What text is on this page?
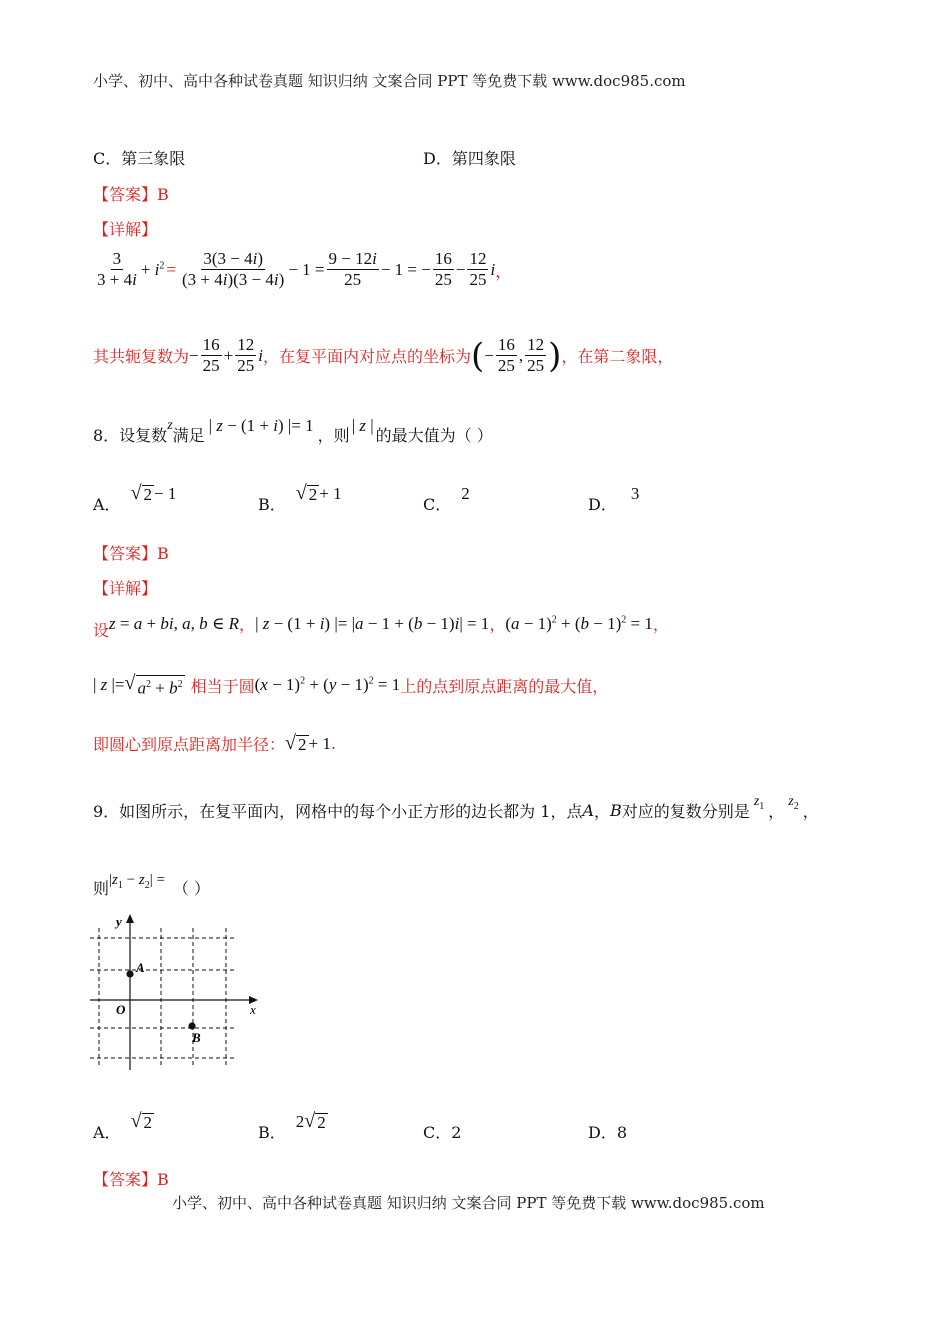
小学、初中、高中各种试卷真题 知识归纳 文案合同 PPT 等免费下载 www.doc985.com
C．第三象限	D．第四象限
【答案】B
【详解】
$\frac{3}{3 + 4i} + i^2 = \frac{3(3 - 4i)}{(3 + 4i)(3 - 4i)} - 1 = \frac{9 - 12i}{25} - 1$ = − $\frac{16}{25} - \frac{12}{25}$ i ，
其共轭复数为 − $\frac{16}{25} + \frac{12}{25}$ i ，在复平面内对应点的坐标为 ( − $\frac{16}{25}$ , $\frac{12}{25}$ ) ，在第二象限，
8．设复数
z
满足
| z − (1 + i) |= 1
，则
| z |
的最大值为（ ）
A．
√ 2 − 1
B．
√ 2 + 1
C．
2
D．
3
【答案】B
【详解】
设 z = a + bi, a, b ∈ R ， | z − (1 + i) |= |a − 1 + (b − 1)i| = 1 ， $(a - 1)^2 + (b - 1)^2 = 1$ ，
| z |= √ $a^2 + b^2$ 相当于圆 $(x - 1)^2 + (y - 1)^2 = 1$ 上的点到原点距离的最大值，
即圆心到原点距离加半径： √ 2 + 1 .
9．如图所示，在复平面内，网格中的每个小正方形的边长都为 1，点 A ， B 对应的复数分别是
$z_1$ ，
$z_2$ ，
则 $|z_1 - z_2|$ = （ ）
x
y
O
A
B
A．
√ 2
B．
2 √ 2
C．2	D．8
【答案】B
小学、初中、高中各种试卷真题 知识归纳 文案合同 PPT 等免费下载 www.doc985.com
